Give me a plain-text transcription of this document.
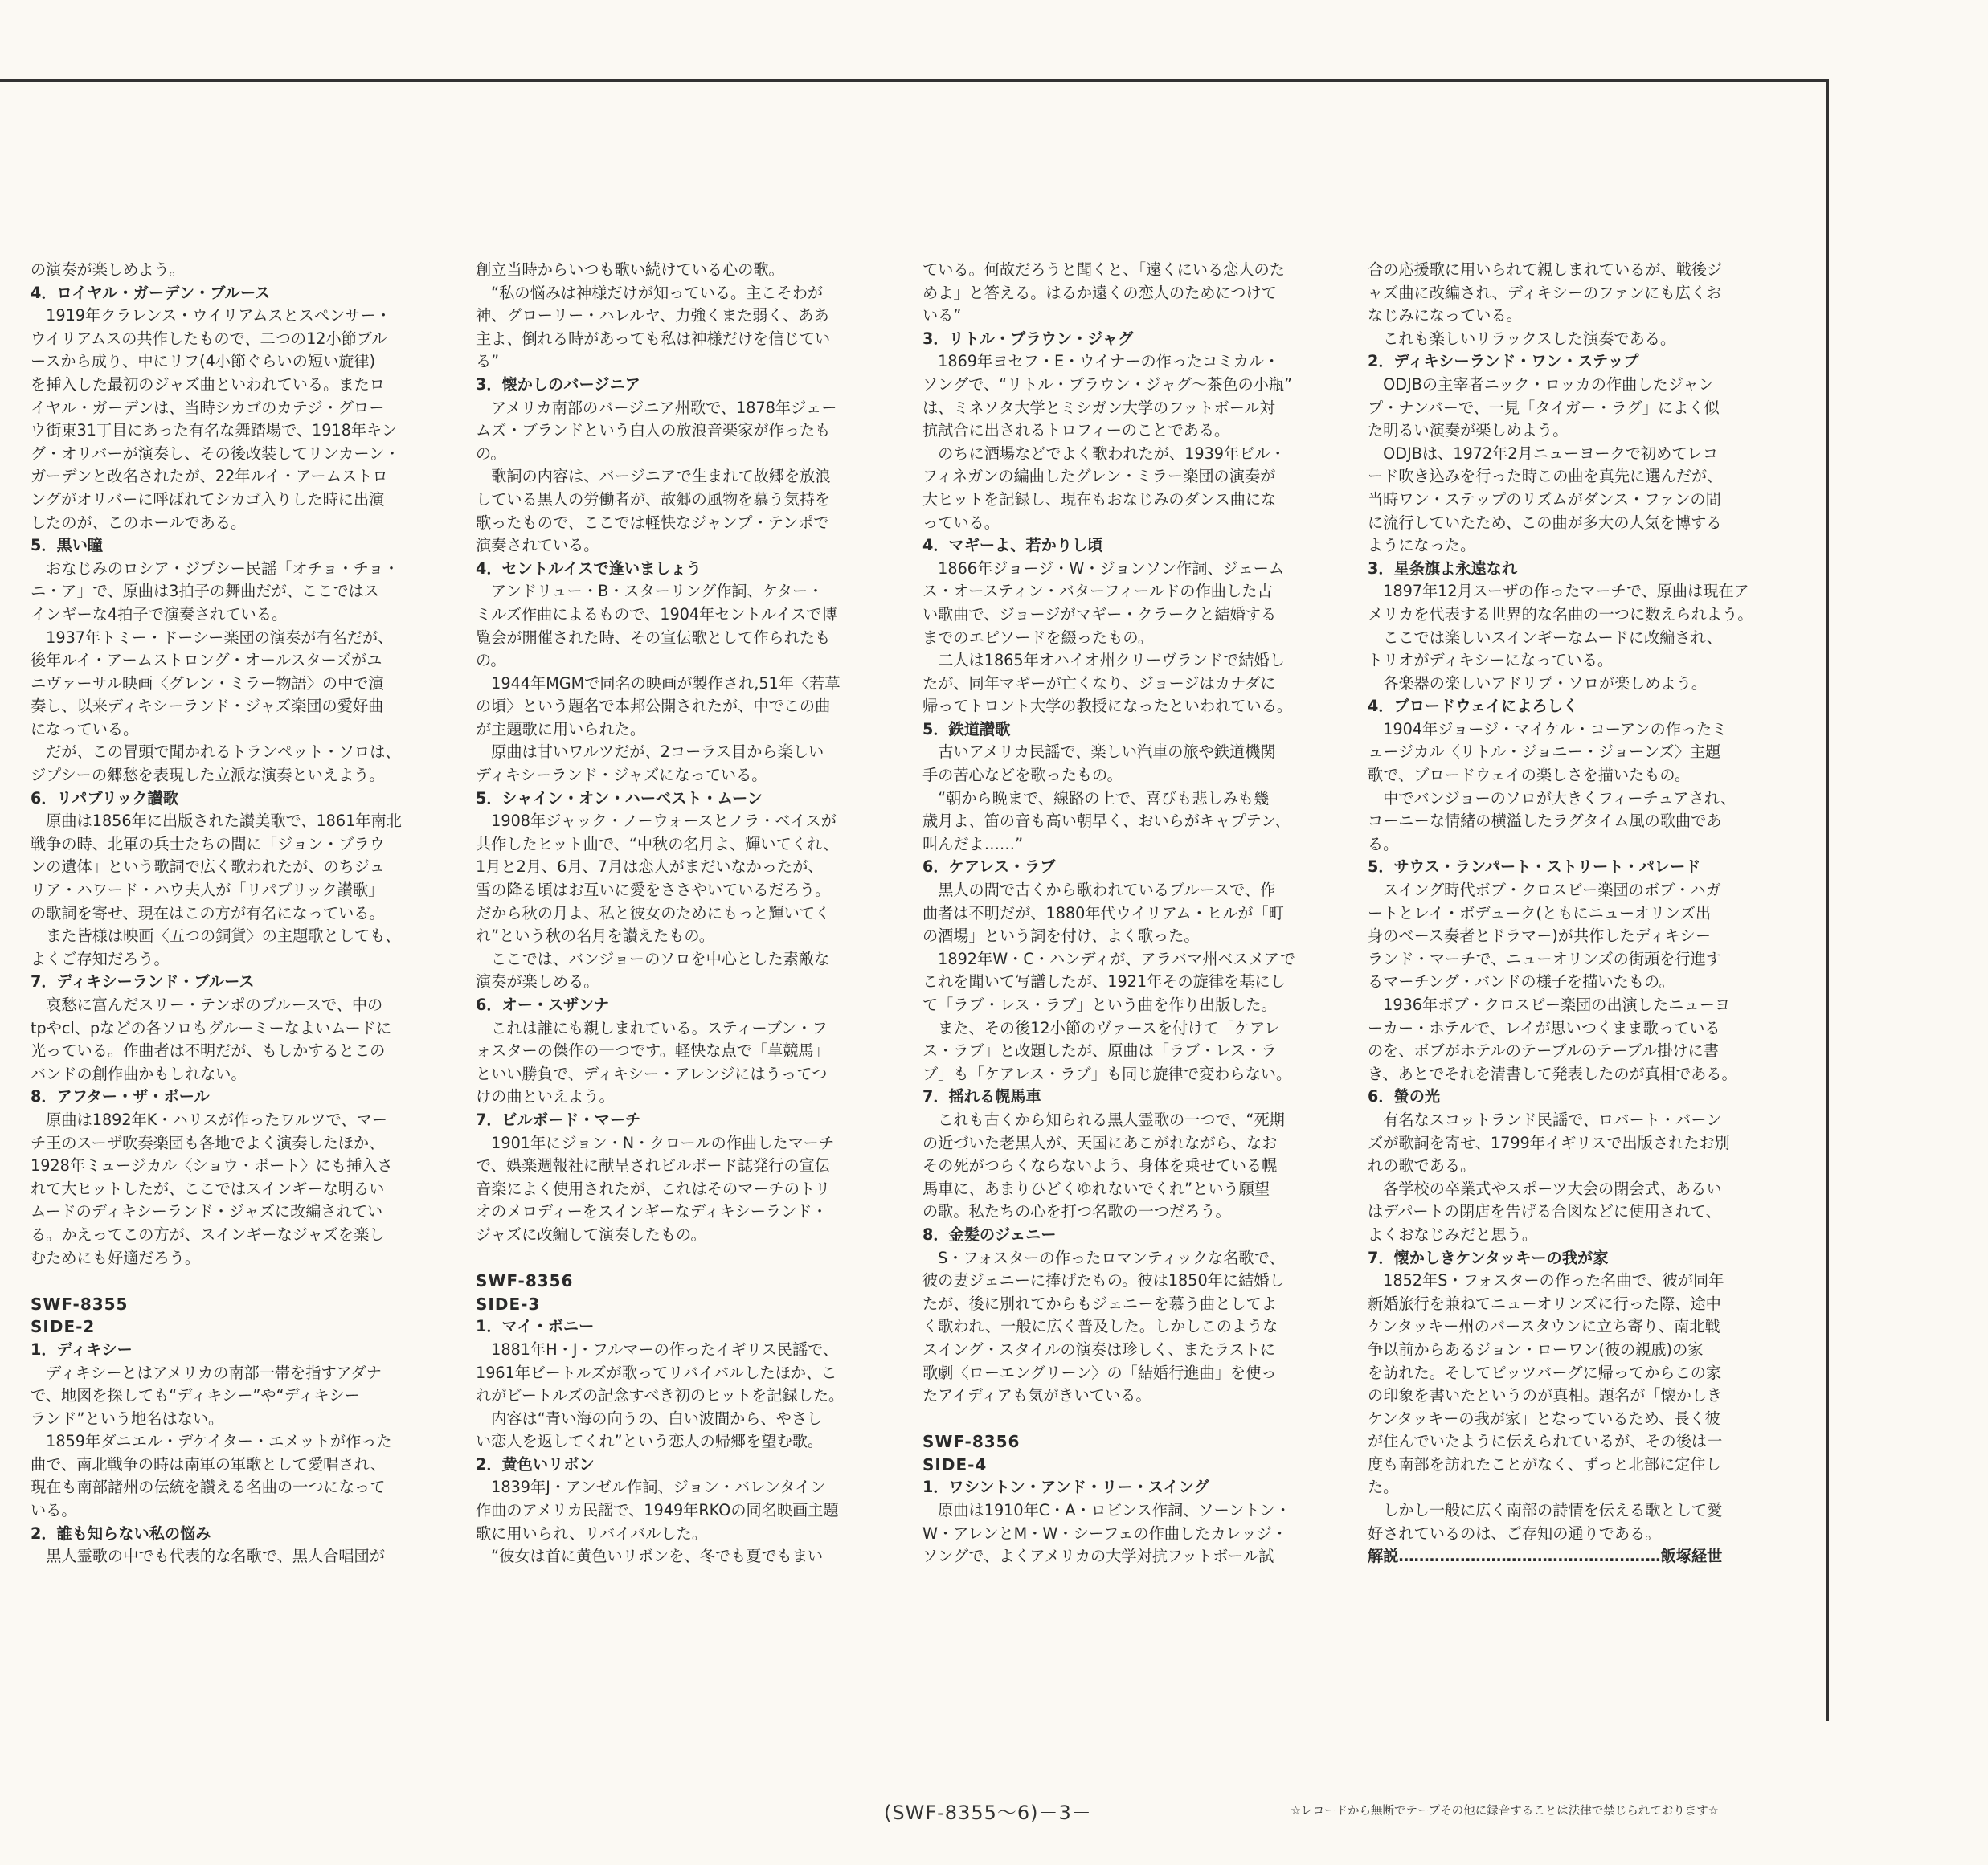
の演奏が楽しめよう。

4．ロイヤル・ガーデン・ブルース

　1919年クラレンス・ウイリアムスとスペンサー・

ウイリアムスの共作したもので、二つの12小節ブル

ースから成り、中にリフ(4小節ぐらいの短い旋律)

を挿入した最初のジャズ曲といわれている。またロ

イヤル・ガーデンは、当時シカゴのカテジ・グロー

ウ街東31丁目にあった有名な舞踏場で、1918年キン

グ・オリバーが演奏し、その後改装してリンカーン・

ガーデンと改名されたが、22年ルイ・アームストロ

ングがオリバーに呼ばれてシカゴ入りした時に出演

したのが、このホールである。

5．黒い瞳

　おなじみのロシア・ジプシー民謡「オチョ・チョ・

ニ・ア」で、原曲は3拍子の舞曲だが、ここではス

インギーな4拍子で演奏されている。

　1937年トミー・ドーシー楽団の演奏が有名だが、

後年ルイ・アームストロング・オールスターズがユ

ニヴァーサル映画〈グレン・ミラー物語〉の中で演

奏し、以来ディキシーランド・ジャズ楽団の愛好曲

になっている。

　だが、この冒頭で聞かれるトランペット・ソロは、

ジプシーの郷愁を表現した立派な演奏といえよう。

6．リパブリック讃歌

　原曲は1856年に出版された讃美歌で、1861年南北

戦争の時、北軍の兵士たちの間に「ジョン・ブラウ

ンの遺体」という歌詞で広く歌われたが、のちジュ

リア・ハワード・ハウ夫人が「リパブリック讃歌」

の歌詞を寄せ、現在はこの方が有名になっている。

　また皆様は映画〈五つの銅貨〉の主題歌としても、

よくご存知だろう。

7．ディキシーランド・ブルース

　哀愁に富んだスリー・テンポのブルースで、中の

tpやcl、pなどの各ソロもグルーミーなよいムードに

光っている。作曲者は不明だが、もしかするとこの

バンドの創作曲かもしれない。

8．アフター・ザ・ボール

　原曲は1892年K・ハリスが作ったワルツで、マー

チ王のスーザ吹奏楽団も各地でよく演奏したほか、

1928年ミュージカル〈ショウ・ボート〉にも挿入さ

れて大ヒットしたが、ここではスインギーな明るい

ムードのディキシーランド・ジャズに改編されてい

る。かえってこの方が、スインギーなジャズを楽し

むためにも好適だろう。

SWF-8355

SIDE-2

1．ディキシー

　ディキシーとはアメリカの南部一帯を指すアダナ

で、地図を探しても“ディキシー”や“ディキシー

ランド”という地名はない。

　1859年ダニエル・デケイター・エメットが作った

曲で、南北戦争の時は南軍の軍歌として愛唱され、

現在も南部諸州の伝統を讃える名曲の一つになって

いる。

2．誰も知らない私の悩み

　黒人霊歌の中でも代表的な名歌で、黒人合唱団が

創立当時からいつも歌い続けている心の歌。

　“私の悩みは神様だけが知っている。主こそわが

神、グローリー・ハレルヤ、力強くまた弱く、ああ

主よ、倒れる時があっても私は神様だけを信じてい

る”

3．懐かしのバージニア

　アメリカ南部のバージニア州歌で、1878年ジェー

ムズ・ブランドという白人の放浪音楽家が作ったも

の。

　歌詞の内容は、バージニアで生まれて故郷を放浪

している黒人の労働者が、故郷の風物を慕う気持を

歌ったもので、ここでは軽快なジャンプ・テンポで

演奏されている。

4．セントルイスで逢いましょう

　アンドリュー・B・スターリング作詞、ケター・

ミルズ作曲によるもので、1904年セントルイスで博

覧会が開催された時、その宣伝歌として作られたも

の。

　1944年MGMで同名の映画が製作され,51年〈若草

の頃〉という題名で本邦公開されたが、中でこの曲

が主題歌に用いられた。

　原曲は甘いワルツだが、2コーラス目から楽しい

ディキシーランド・ジャズになっている。

5．シャイン・オン・ハーベスト・ムーン

　1908年ジャック・ノーウォースとノラ・ベイスが

共作したヒット曲で、“中秋の名月よ、輝いてくれ、

1月と2月、6月、7月は恋人がまだいなかったが、

雪の降る頃はお互いに愛をささやいているだろう。

だから秋の月よ、私と彼女のためにもっと輝いてく

れ”という秋の名月を讃えたもの。

　ここでは、バンジョーのソロを中心とした素敵な

演奏が楽しめる。

6．オー・スザンナ

　これは誰にも親しまれている。スティーブン・フ

ォスターの傑作の一つです。軽快な点で「草競馬」

といい勝負で、ディキシー・アレンジにはうってつ

けの曲といえよう。

7．ビルボード・マーチ

　1901年にジョン・N・クロールの作曲したマーチ

で、娯楽週報社に献呈されビルボード誌発行の宣伝

音楽によく使用されたが、これはそのマーチのトリ

オのメロディーをスインギーなディキシーランド・

ジャズに改編して演奏したもの。

SWF-8356

SIDE-3

1．マイ・ボニー

　1881年H・J・フルマーの作ったイギリス民謡で、

1961年ビートルズが歌ってリバイバルしたほか、こ

れがビートルズの記念すべき初のヒットを記録した。

　内容は“青い海の向うの、白い波間から、やさし

い恋人を返してくれ”という恋人の帰郷を望む歌。

2．黄色いリボン

　1839年J・アンゼル作詞、ジョン・バレンタイン

作曲のアメリカ民謡で、1949年RKOの同名映画主題

歌に用いられ、リバイバルした。

　“彼女は首に黄色いリボンを、冬でも夏でもまい

ている。何故だろうと聞くと、「遠くにいる恋人のた

めよ」と答える。はるか遠くの恋人のためにつけて

いる”

3．リトル・ブラウン・ジャグ

　1869年ヨセフ・E・ウイナーの作ったコミカル・

ソングで、“リトル・ブラウン・ジャグ～茶色の小瓶”

は、ミネソタ大学とミシガン大学のフットボール対

抗試合に出されるトロフィーのことである。

　のちに酒場などでよく歌われたが、1939年ビル・

フィネガンの編曲したグレン・ミラー楽団の演奏が

大ヒットを記録し、現在もおなじみのダンス曲にな

っている。

4．マギーよ、若かりし頃

　1866年ジョージ・W・ジョンソン作詞、ジェーム

ス・オースティン・バターフィールドの作曲した古

い歌曲で、ジョージがマギー・クラークと結婚する

までのエピソードを綴ったもの。

　二人は1865年オハイオ州クリーヴランドで結婚し

たが、同年マギーが亡くなり、ジョージはカナダに

帰ってトロント大学の教授になったといわれている。

5．鉄道讃歌

　古いアメリカ民謡で、楽しい汽車の旅や鉄道機関

手の苦心などを歌ったもの。

　“朝から晩まで、線路の上で、喜びも悲しみも幾

歳月よ、笛の音も高い朝早く、おいらがキャプテン、

叫んだよ……”

6．ケアレス・ラブ

　黒人の間で古くから歌われているブルースで、作

曲者は不明だが、1880年代ウイリアム・ヒルが「町

の酒場」という詞を付け、よく歌った。

　1892年W・C・ハンディが、アラバマ州ベスメアで

これを聞いて写譜したが、1921年その旋律を基にし

て「ラブ・レス・ラブ」という曲を作り出版した。

　また、その後12小節のヴァースを付けて「ケアレ

ス・ラブ」と改題したが、原曲は「ラブ・レス・ラ

ブ」も「ケアレス・ラブ」も同じ旋律で変わらない。

7．揺れる幌馬車

　これも古くから知られる黒人霊歌の一つで、“死期

の近づいた老黒人が、天国にあこがれながら、なお

その死がつらくならないよう、身体を乗せている幌

馬車に、あまりひどくゆれないでくれ”という願望

の歌。私たちの心を打つ名歌の一つだろう。

8．金髪のジェニー

　S・フォスターの作ったロマンティックな名歌で、

彼の妻ジェニーに捧げたもの。彼は1850年に結婚し

たが、後に別れてからもジェニーを慕う曲としてよ

く歌われ、一般に広く普及した。しかしこのような

スイング・スタイルの演奏は珍しく、またラストに

歌劇〈ローエングリーン〉の「結婚行進曲」を使っ

たアイディアも気がきいている。

SWF-8356

SIDE-4

1．ワシントン・アンド・リー・スイング

　原曲は1910年C・A・ロビンス作詞、ソーントン・

W・アレンとM・W・シーフェの作曲したカレッジ・

ソングで、よくアメリカの大学対抗フットボール試

合の応援歌に用いられて親しまれているが、戦後ジ

ャズ曲に改編され、ディキシーのファンにも広くお

なじみになっている。

　これも楽しいリラックスした演奏である。

2．ディキシーランド・ワン・ステップ

　ODJBの主宰者ニック・ロッカの作曲したジャン

プ・ナンバーで、一見「タイガー・ラグ」によく似

た明るい演奏が楽しめよう。

　ODJBは、1972年2月ニューヨークで初めてレコ

ード吹き込みを行った時この曲を真先に選んだが、

当時ワン・ステップのリズムがダンス・ファンの間

に流行していたため、この曲が多大の人気を博する

ようになった。

3．星条旗よ永遠なれ

　1897年12月スーザの作ったマーチで、原曲は現在ア

メリカを代表する世界的な名曲の一つに数えられよう。

　ここでは楽しいスインギーなムードに改編され、

トリオがディキシーになっている。

　各楽器の楽しいアドリブ・ソロが楽しめよう。

4．ブロードウェイによろしく

　1904年ジョージ・マイケル・コーアンの作ったミ

ュージカル〈リトル・ジョニー・ジョーンズ〉主題

歌で、ブロードウェイの楽しさを描いたもの。

　中でバンジョーのソロが大きくフィーチュアされ、

コーニーな情緒の横溢したラグタイム風の歌曲であ

る。

5．サウス・ランパート・ストリート・パレード

　スイング時代ボブ・クロスビー楽団のボブ・ハガ

ートとレイ・ボデューク(ともにニューオリンズ出

身のベース奏者とドラマー)が共作したディキシー

ランド・マーチで、ニューオリンズの街頭を行進す

るマーチング・バンドの様子を描いたもの。

　1936年ボブ・クロスビー楽団の出演したニューヨ

ーカー・ホテルで、レイが思いつくまま歌っている

のを、ボブがホテルのテーブルのテーブル掛けに書

き、あとでそれを清書して発表したのが真相である。

6．螢の光

　有名なスコットランド民謡で、ロバート・バーン

ズが歌詞を寄せ、1799年イギリスで出版されたお別

れの歌である。

　各学校の卒業式やスポーツ大会の閉会式、あるい

はデパートの閉店を告げる合図などに使用されて、

よくおなじみだと思う。

7．懐かしきケンタッキーの我が家

　1852年S・フォスターの作った名曲で、彼が同年

新婚旅行を兼ねてニューオリンズに行った際、途中

ケンタッキー州のバースタウンに立ち寄り、南北戦

争以前からあるジョン・ローワン(彼の親戚)の家

を訪れた。そしてピッツバーグに帰ってからこの家

の印象を書いたというのが真相。題名が「懐かしき

ケンタッキーの我が家」となっているため、長く彼

が住んでいたように伝えられているが、その後は一

度も南部を訪れたことがなく、ずっと北部に定住し

た。

　しかし一般に広く南部の詩情を伝える歌として愛

好されているのは、ご存知の通りである。

解説……………………………………………飯塚経世

(SWF-8355～6)－3－	☆レコードから無断でテープその他に録音することは法律で禁じられております☆
